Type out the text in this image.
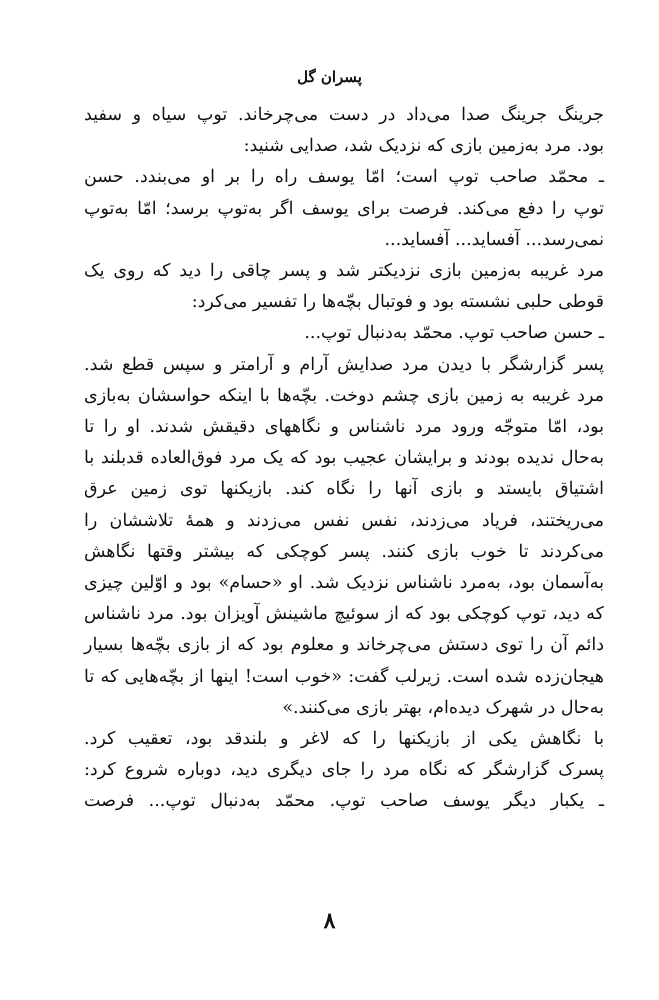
پسران گل
جرینگ جرینگ صدا می‌داد در دست می‌چرخاند. توپ سیاه و سفید
بود. مرد به‌زمین بازی که نزدیک شد، صدایی شنید:
ـ محمّد صاحب توپ است؛ امّا یوسف راه را بر او می‌بندد. حسن
توپ را دفع می‌کند. فرصت برای یوسف اگر به‌توپ برسد؛ امّا به‌توپ
نمی‌رسد... آفساید... آفساید...
مرد غریبه به‌زمین بازی نزدیکتر شد و پسر چاقی را دید که روی یک
قوطی حلبی نشسته بود و فوتبال بچّه‌ها را تفسیر می‌کرد:
ـ حسن صاحب توپ. محمّد به‌دنبال توپ...
پسر گزارشگر با دیدن مرد صدایش آرام و آرامتر و سپس قطع شد.
مرد غریبه به زمین بازی چشم دوخت. بچّه‌ها با اینکه حواسشان به‌بازی
بود، امّا متوجّه ورود مرد ناشناس و نگاههای دقیقش شدند. او را تا
به‌حال ندیده بودند و برایشان عجیب بود که یک مرد فوق‌العاده قدبلند با
اشتیاق بایستد و بازی آنها را نگاه کند. بازیکنها توی زمین عرق
می‌ریختند، فریاد می‌زدند، نفس نفس می‌زدند و همهٔ تلاششان را
می‌کردند تا خوب بازی کنند. پسر کوچکی که بیشتر وقتها نگاهش
به‌آسمان بود، به‌مرد ناشناس نزدیک شد. او «حسام» بود و اوّلین چیزی
که دید، توپ کوچکی بود که از سوئیچ ماشینش آویزان بود. مرد ناشناس
دائم آن را توی دستش می‌چرخاند و معلوم بود که از بازی بچّه‌ها بسیار
هیجان‌زده شده است. زیرلب گفت: «خوب است! اینها از بچّه‌هایی که تا
به‌حال در شهرک دیده‌ام، بهتر بازی می‌کنند.»
با نگاهش یکی از بازیکنها را که لاغر و بلندقد بود، تعقیب کرد.
پسرک گزارشگر که نگاه مرد را جای دیگری دید، دوباره شروع کرد:
ـ یکبار دیگر یوسف صاحب توپ. محمّد به‌دنبال توپ... فرصت
۸
